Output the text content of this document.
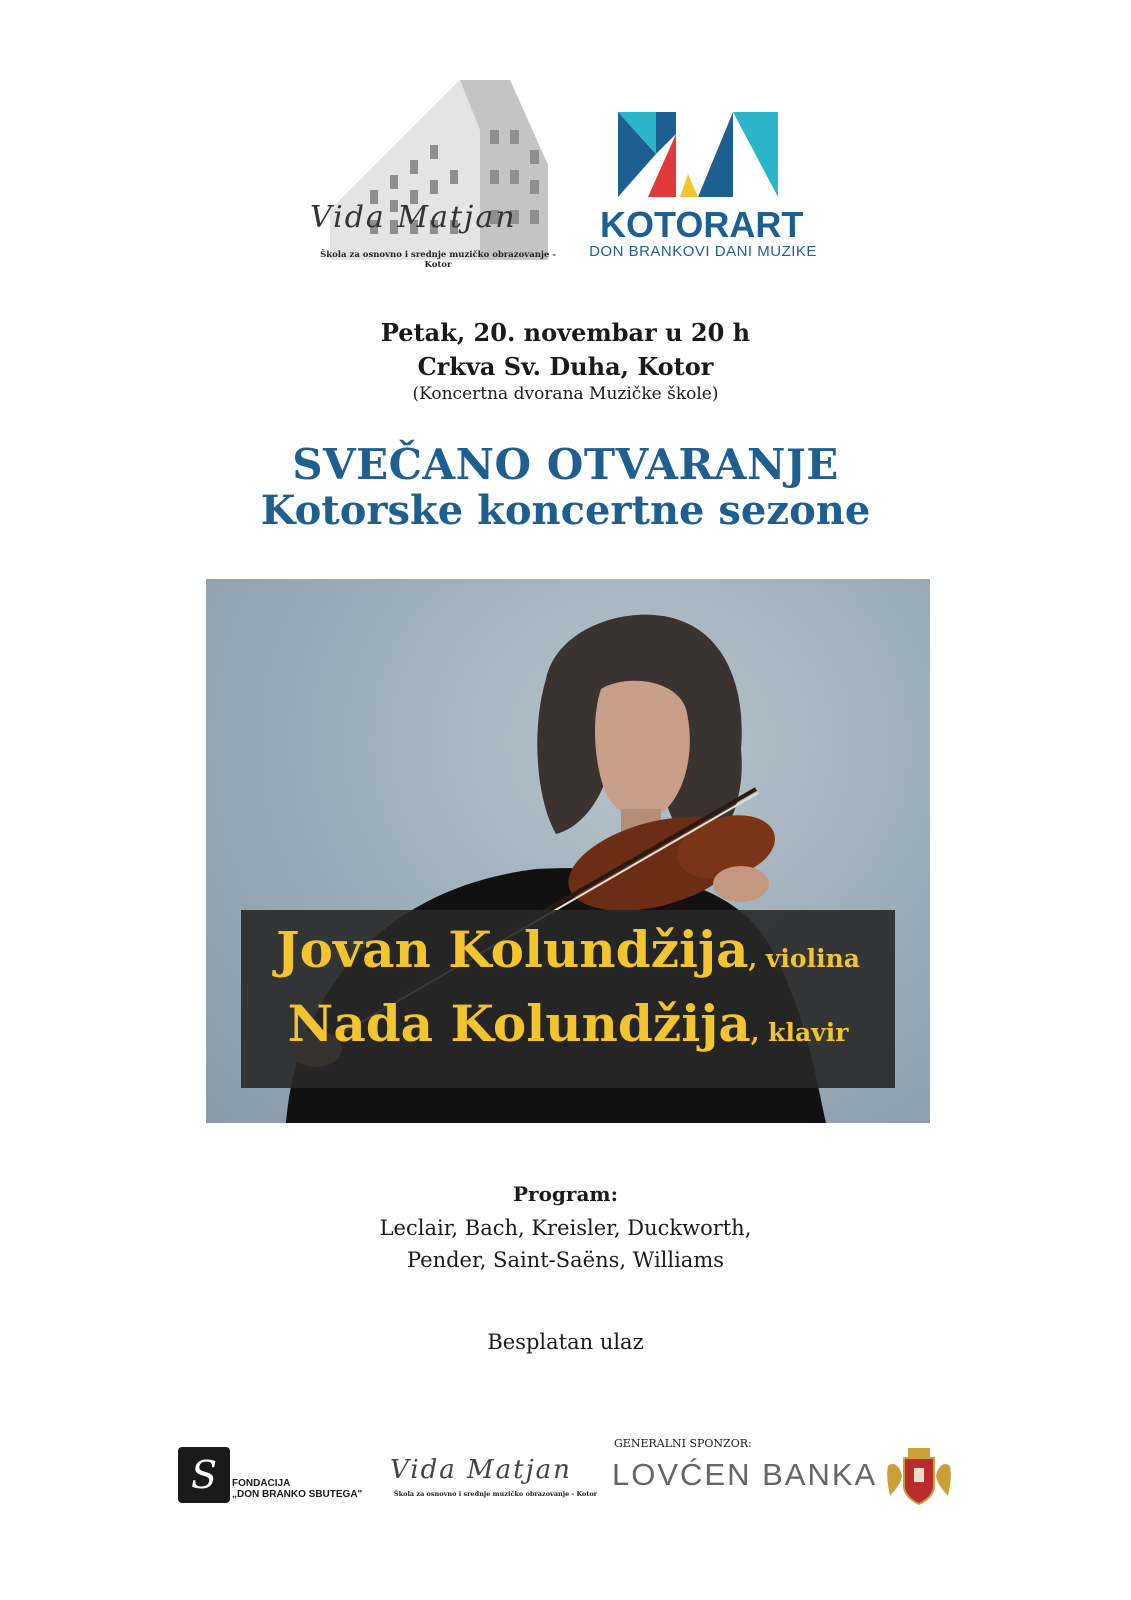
Vida Matjan
Škola za osnovno i srednje muzičko obrazovanje - Kotor
KOTORART
DON BRANKOVI DANI MUZIKE
Petak, 20. novembar u 20 h
Crkva Sv. Duha, Kotor
(Koncertna dvorana Muzičke škole)
SVEČANO OTVARANJE
Kotorske koncertne sezone
Jovan Kolundžija, violina
Nada Kolundžija, klavir
Program:
Leclair, Bach, Kreisler, Duckworth,
Pender, Saint-Saëns, Williams
Besplatan ulaz
S	FONDACIJA
„DON BRANKO SBUTEGA"
Vida Matjan
Škola za osnovno i srednje muzičko obrazovanje - Kotor
GENERALNI SPONZOR:
LOVĆEN BANKA
